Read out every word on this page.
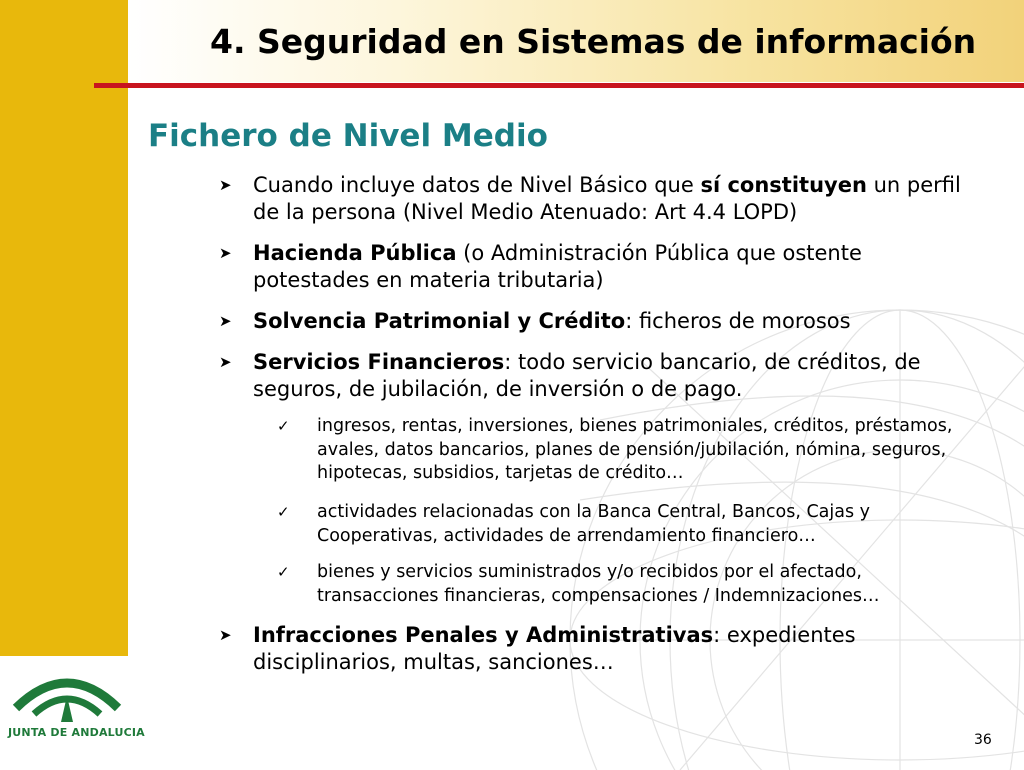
4. Seguridad en Sistemas de información
Fichero de Nivel Medio
➤ Cuando incluye datos de Nivel Básico que sí constituyen un perfil de la persona (Nivel Medio Atenuado: Art 4.4 LOPD)
➤ Hacienda Pública (o Administración Pública que ostente potestades en materia tributaria)
➤ Solvencia Patrimonial y Crédito: ficheros de morosos
➤ Servicios Financieros: todo servicio bancario, de créditos, de seguros, de jubilación, de inversión o de pago.
✓ ingresos, rentas, inversiones, bienes patrimoniales, créditos, préstamos, avales, datos bancarios, planes de pensión/jubilación, nómina, seguros, hipotecas, subsidios, tarjetas de crédito…
✓ actividades relacionadas con la Banca Central, Bancos, Cajas y Cooperativas, actividades de arrendamiento financiero…
✓ bienes y servicios suministrados y/o recibidos por el afectado, transacciones financieras, compensaciones / Indemnizaciones…
➤ Infracciones Penales y Administrativas: expedientes disciplinarios, multas, sanciones…
JUNTA DE ANDALUCIA	36
